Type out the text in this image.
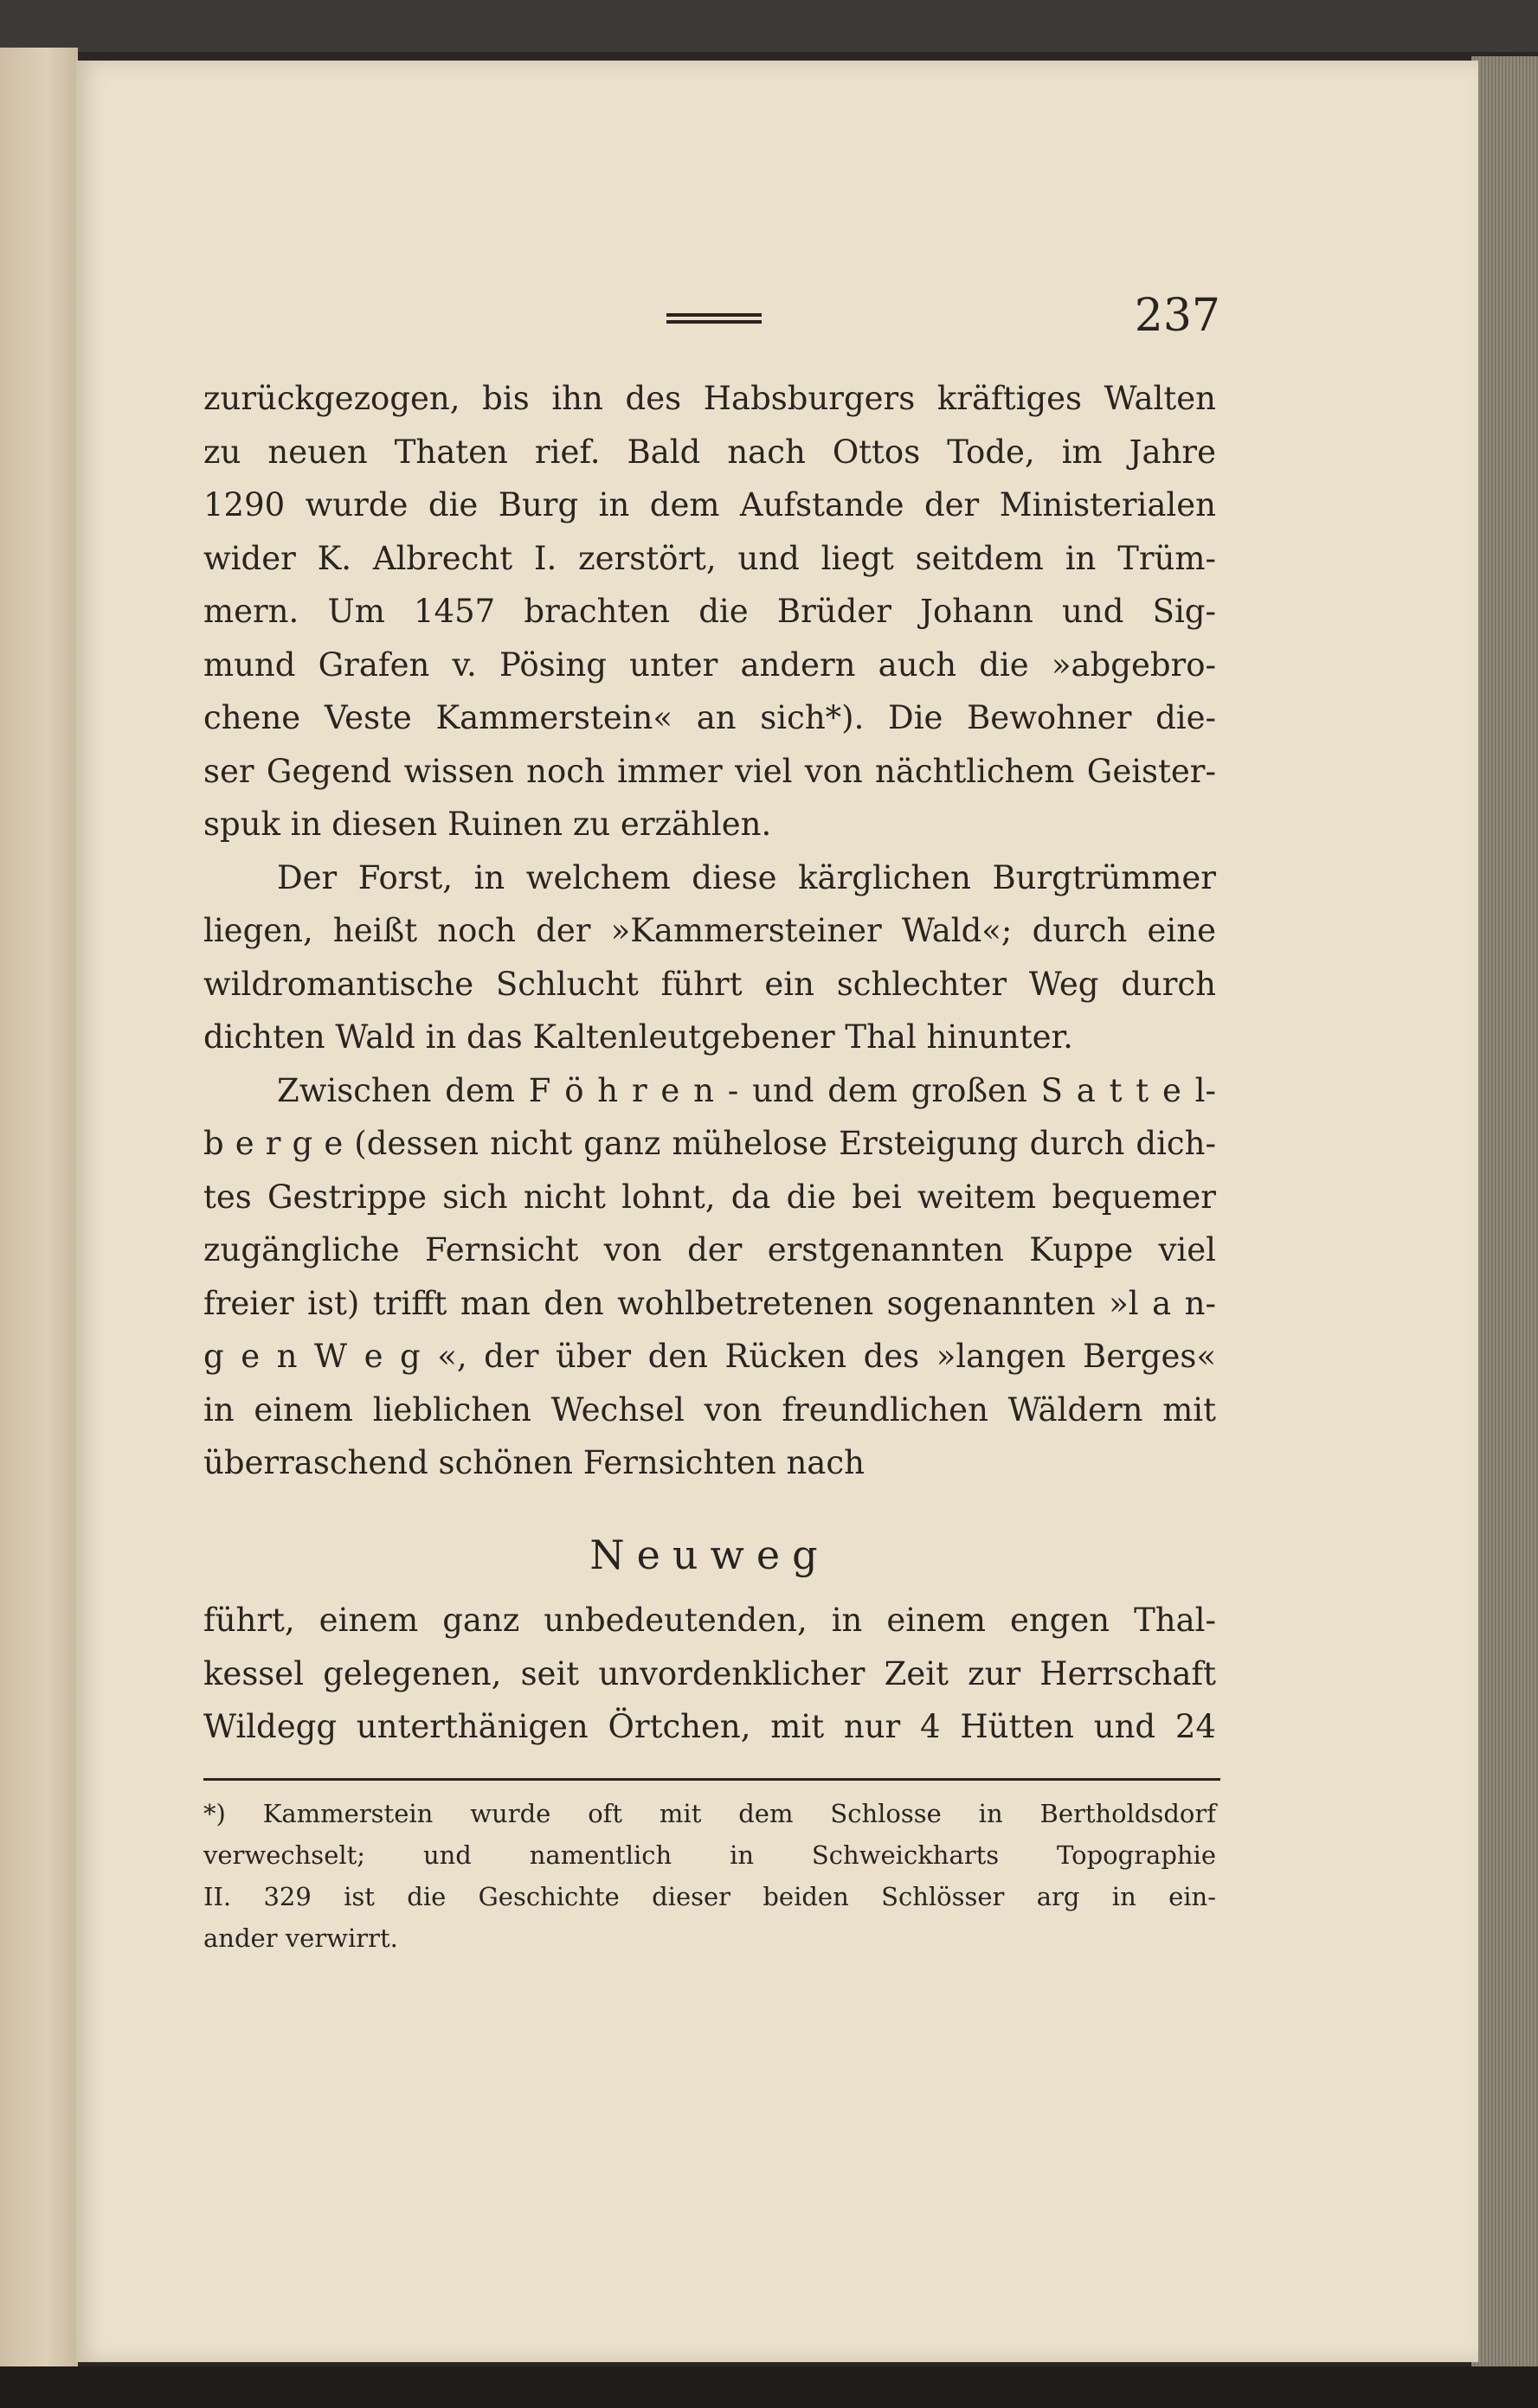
237
zurückgezogen, bis ihn des Habsburgers kräftiges Walten
zu neuen Thaten rief. Bald nach Ottos Tode, im Jahre
1290 wurde die Burg in dem Aufstande der Ministerialen
wider K. Albrecht I. zerstört, und liegt seitdem in Trüm-
mern. Um 1457 brachten die Brüder Johann und Sig-
mund Grafen v. Pösing unter andern auch die »abgebro-
chene Veste Kammerstein« an sich*). Die Bewohner die-
ser Gegend wissen noch immer viel von nächtlichem Geister-
spuk in diesen Ruinen zu erzählen.
Der Forst, in welchem diese kärglichen Burgtrümmer
liegen, heißt noch der »Kammersteiner Wald«; durch eine
wildromantische Schlucht führt ein schlechter Weg durch
dichten Wald in das Kaltenleutgebener Thal hinunter.
Zwischen dem F ö h r e n - und dem großen S a t t e l-
b e r g e (dessen nicht ganz mühelose Ersteigung durch dich-
tes Gestrippe sich nicht lohnt, da die bei weitem bequemer
zugängliche Fernsicht von der erstgenannten Kuppe viel
freier ist) trifft man den wohlbetretenen sogenannten »l a n-
g e n W e g «, der über den Rücken des »langen Berges«
in einem lieblichen Wechsel von freundlichen Wäldern mit
überraschend schönen Fernsichten nach
Neuweg
führt, einem ganz unbedeutenden, in einem engen Thal-
kessel gelegenen, seit unvordenklicher Zeit zur Herrschaft
Wildegg unterthänigen Örtchen, mit nur 4 Hütten und 24
*) Kammerstein wurde oft mit dem Schlosse in Bertholdsdorf
verwechselt; und namentlich in Schweickharts Topographie
II. 329 ist die Geschichte dieser beiden Schlösser arg in ein-
ander verwirrt.
